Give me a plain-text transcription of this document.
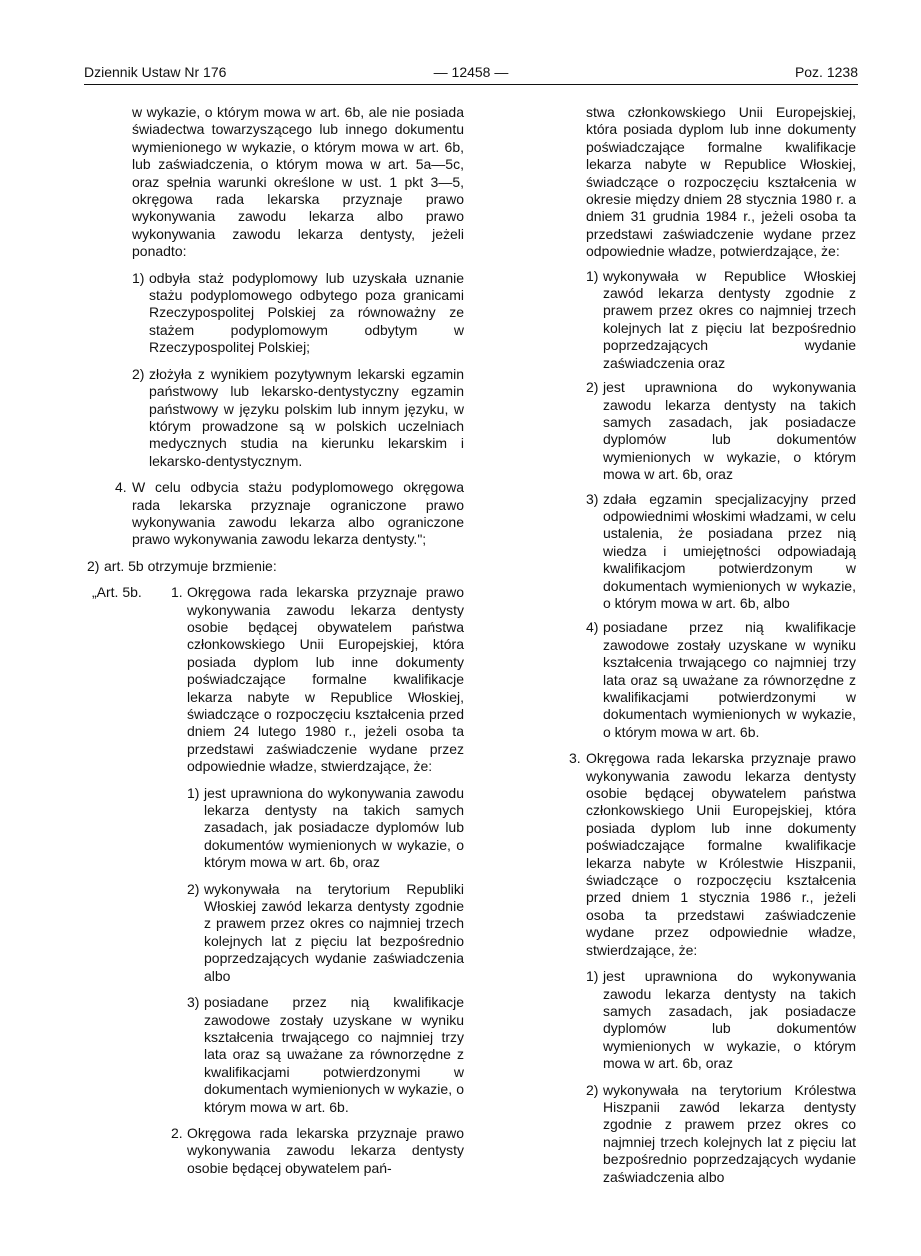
Dziennik Ustaw Nr 176	— 12458 —	Poz. 1238

w wykazie, o którym mowa w art. 6b, ale nie posiada świadectwa towarzyszącego lub innego dokumentu wymienionego w wykazie, o którym mowa w art. 6b, lub zaświadczenia, o którym mowa w art. 5a—5c, oraz spełnia warunki określone w ust. 1 pkt 3—5, okręgowa rada lekarska przyznaje prawo wykonywania zawodu lekarza albo prawo wykonywania zawodu lekarza dentysty, jeżeli ponadto:

1) odbyła staż podyplomowy lub uzyskała uznanie stażu podyplomowego odbytego poza granicami Rzeczypospolitej Polskiej za równoważny ze stażem podyplomowym odbytym w Rzeczypospolitej Polskiej;
2) złożyła z wynikiem pozytywnym lekarski egzamin państwowy lub lekarsko-dentystyczny egzamin państwowy w języku polskim lub innym języku, w którym prowadzone są w polskich uczelniach medycznych studia na kierunku lekarskim i lekarsko-dentystycznym.
4. W celu odbycia stażu podyplomowego okręgowa rada lekarska przyznaje ograniczone prawo wykonywania zawodu lekarza albo ograniczone prawo wykonywania zawodu lekarza dentysty.";
2) art. 5b otrzymuje brzmienie:
„Art. 5b. 1. Okręgowa rada lekarska przyznaje prawo wykonywania zawodu lekarza dentysty osobie będącej obywatelem państwa członkowskiego Unii Europejskiej, która posiada dyplom lub inne dokumenty poświadczające formalne kwalifikacje lekarza nabyte w Republice Włoskiej, świadczące o rozpoczęciu kształcenia przed dniem 24 lutego 1980 r., jeżeli osoba ta przedstawi zaświadczenie wydane przez odpowiednie władze, stwierdzające, że:
1) jest uprawniona do wykonywania zawodu lekarza dentysty na takich samych zasadach, jak posiadacze dyplomów lub dokumentów wymienionych w wykazie, o którym mowa w art. 6b, oraz
2) wykonywała na terytorium Republiki Włoskiej zawód lekarza dentysty zgodnie z prawem przez okres co najmniej trzech kolejnych lat z pięciu lat bezpośrednio poprzedzających wydanie zaświadczenia albo
3) posiadane przez nią kwalifikacje zawodowe zostały uzyskane w wyniku kształcenia trwającego co najmniej trzy lata oraz są uważane za równorzędne z kwalifikacjami potwierdzonymi w dokumentach wymienionych w wykazie, o którym mowa w art. 6b.
2. Okręgowa rada lekarska przyznaje prawo wykonywania zawodu lekarza dentysty osobie będącej obywatelem pań-

stwa członkowskiego Unii Europejskiej, która posiada dyplom lub inne dokumenty poświadczające formalne kwalifikacje lekarza nabyte w Republice Włoskiej, świadczące o rozpoczęciu kształcenia w okresie między dniem 28 stycznia 1980 r. a dniem 31 grudnia 1984 r., jeżeli osoba ta przedstawi zaświadczenie wydane przez odpowiednie władze, potwierdzające, że:

1) wykonywała w Republice Włoskiej zawód lekarza dentysty zgodnie z prawem przez okres co najmniej trzech kolejnych lat z pięciu lat bezpośrednio poprzedzających wydanie zaświadczenia oraz
2) jest uprawniona do wykonywania zawodu lekarza dentysty na takich samych zasadach, jak posiadacze dyplomów lub dokumentów wymienionych w wykazie, o którym mowa w art. 6b, oraz
3) zdała egzamin specjalizacyjny przed odpowiednimi włoskimi władzami, w celu ustalenia, że posiadana przez nią wiedza i umiejętności odpowiadają kwalifikacjom potwierdzonym w dokumentach wymienionych w wykazie, o którym mowa w art. 6b, albo
4) posiadane przez nią kwalifikacje zawodowe zostały uzyskane w wyniku kształcenia trwającego co najmniej trzy lata oraz są uważane za równorzędne z kwalifikacjami potwierdzonymi w dokumentach wymienionych w wykazie, o którym mowa w art. 6b.
3. Okręgowa rada lekarska przyznaje prawo wykonywania zawodu lekarza dentysty osobie będącej obywatelem państwa członkowskiego Unii Europejskiej, która posiada dyplom lub inne dokumenty poświadczające formalne kwalifikacje lekarza nabyte w Królestwie Hiszpanii, świadczące o rozpoczęciu kształcenia przed dniem 1 stycznia 1986 r., jeżeli osoba ta przedstawi zaświadczenie wydane przez odpowiednie władze, stwierdzające, że:
1) jest uprawniona do wykonywania zawodu lekarza dentysty na takich samych zasadach, jak posiadacze dyplomów lub dokumentów wymienionych w wykazie, o którym mowa w art. 6b, oraz
2) wykonywała na terytorium Królestwa Hiszpanii zawód lekarza dentysty zgodnie z prawem przez okres co najmniej trzech kolejnych lat z pięciu lat bezpośrednio poprzedzających wydanie zaświadczenia albo
